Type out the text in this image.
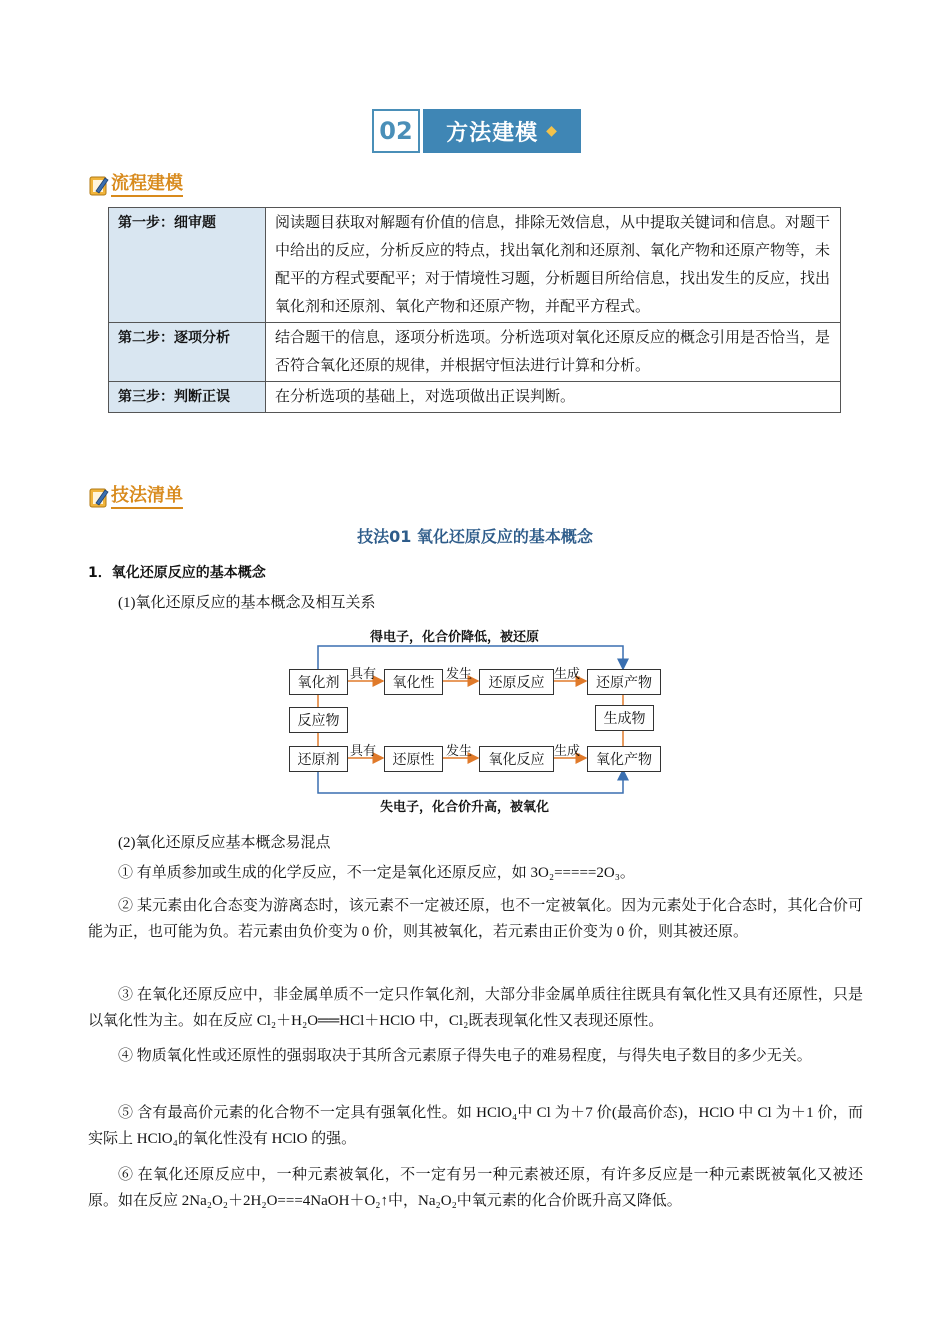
02	方法建模 ◆
流程建模
第一步：细审题	阅读题目获取对解题有价值的信息，排除无效信息，从中提取关键词和信息。对题干中给出的反应，分析反应的特点，找出氧化剂和还原剂、氧化产物和还原产物等，未配平的方程式要配平；对于情境性习题，分析题目所给信息，找出发生的反应，找出氧化剂和还原剂、氧化产物和还原产物，并配平方程式。
第二步：逐项分析	结合题干的信息，逐项分析选项。分析选项对氧化还原反应的概念引用是否恰当，是否符合氧化还原的规律，并根据守恒法进行计算和分析。
第三步：判断正误	在分析选项的基础上，对选项做出正误判断。
技法清单
技法01 氧化还原反应的基本概念
1．氧化还原反应的基本概念
(1)氧化还原反应的基本概念及相互关系
得电子，化合价降低，被还原
失电子，化合价升高，被氧化
氧化剂	氧化性	还原反应	还原产物
反应物	生成物
还原剂	还原性	氧化反应	氧化产物
具有	发生	生成
具有	发生	生成
(2)氧化还原反应基本概念易混点
① 有单质参加或生成的化学反应，不一定是氧化还原反应，如 3O₂=====2O₃。
② 某元素由化合态变为游离态时，该元素不一定被还原，也不一定被氧化。因为元素处于化合态时，其化合价可能为正，也可能为负。若元素由负价变为 0 价，则其被氧化，若元素由正价变为 0 价，则其被还原。
③ 在氧化还原反应中，非金属单质不一定只作氧化剂，大部分非金属单质往往既具有氧化性又具有还原性，只是以氧化性为主。如在反应 Cl₂＋H₂O══HCl＋HClO 中，Cl₂既表现氧化性又表现还原性。
④ 物质氧化性或还原性的强弱取决于其所含元素原子得失电子的难易程度，与得失电子数目的多少无关。
⑤ 含有最高价元素的化合物不一定具有强氧化性。如 HClO₄中 Cl 为＋7 价(最高价态)，HClO 中 Cl 为＋1 价，而实际上 HClO₄的氧化性没有 HClO 的强。
⑥ 在氧化还原反应中，一种元素被氧化，不一定有另一种元素被还原，有许多反应是一种元素既被氧化又被还原。如在反应 2Na₂O₂＋2H₂O===4NaOH＋O₂↑中，Na₂O₂中氧元素的化合价既升高又降低。
